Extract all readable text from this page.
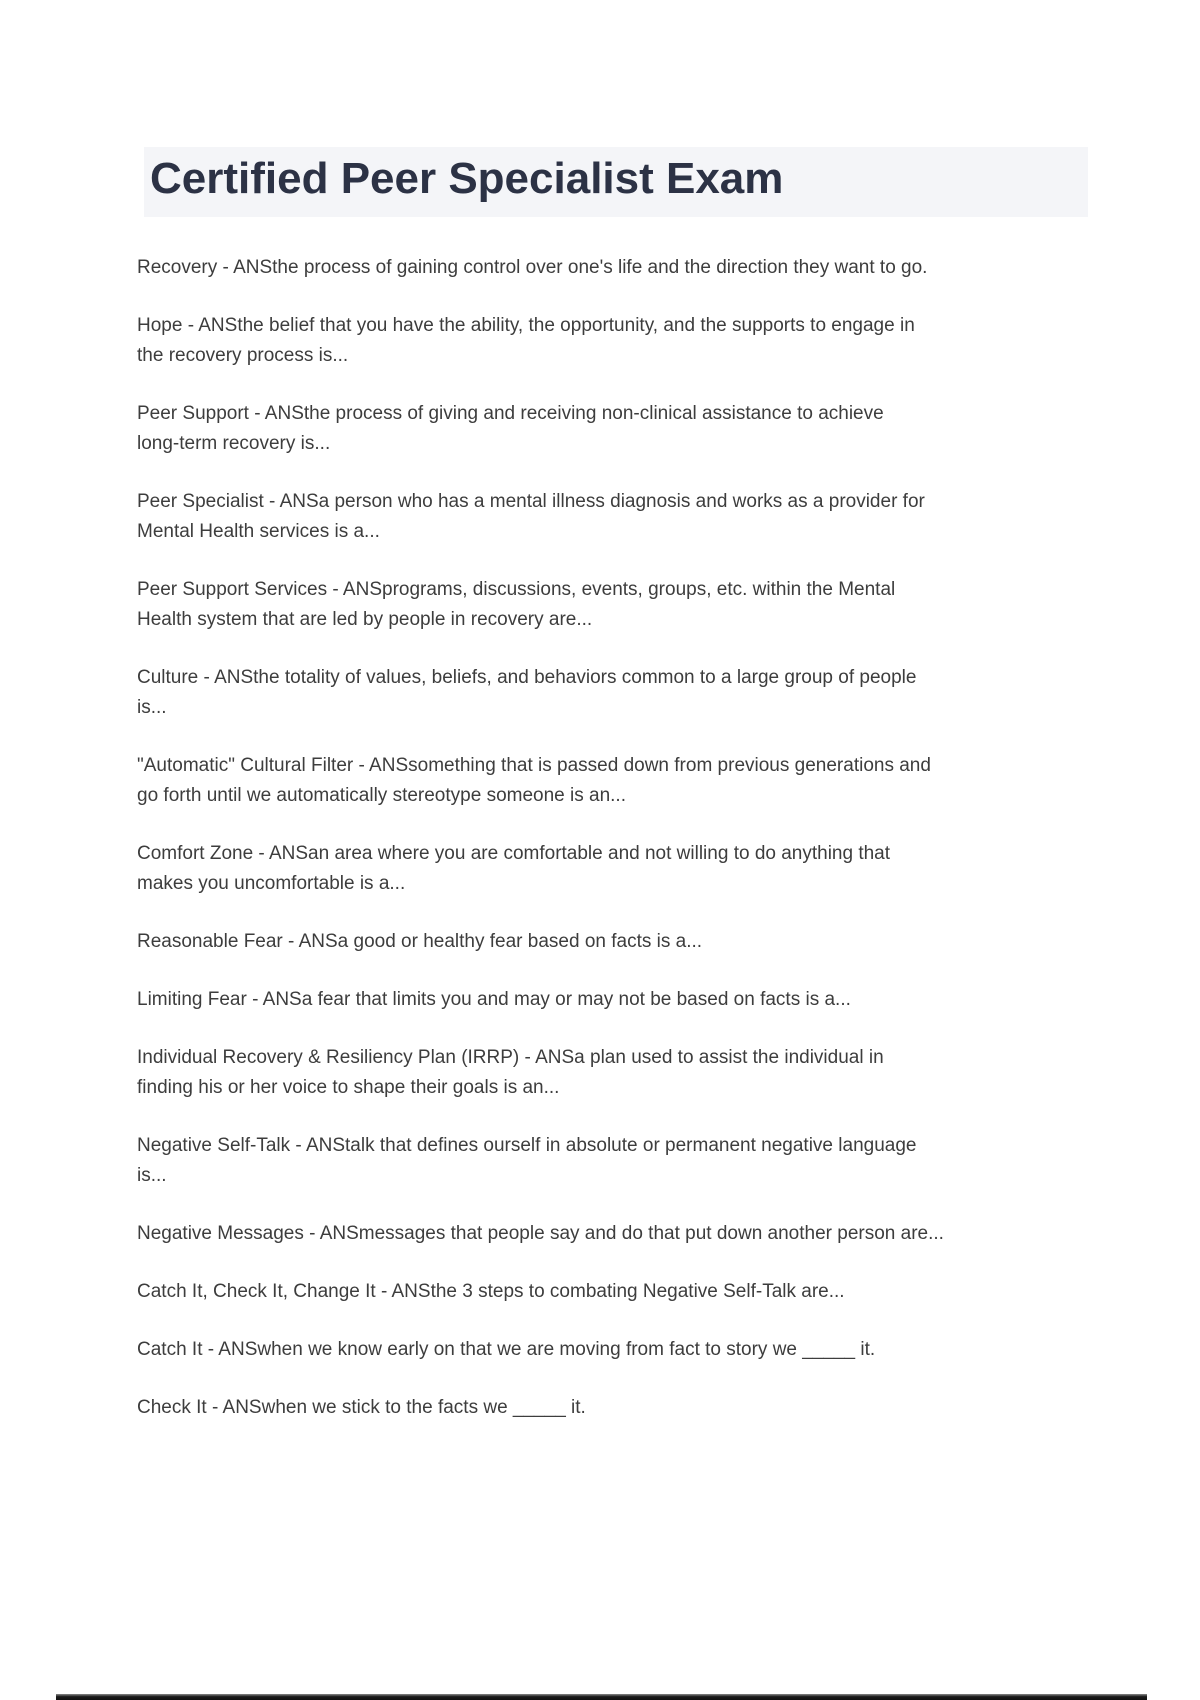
Certified Peer Specialist Exam
Recovery - ANSthe process of gaining control over one's life and the direction they want to go.
Hope - ANSthe belief that you have the ability, the opportunity, and the supports to engage in
the recovery process is...
Peer Support - ANSthe process of giving and receiving non-clinical assistance to achieve
long-term recovery is...
Peer Specialist - ANSa person who has a mental illness diagnosis and works as a provider for
Mental Health services is a...
Peer Support Services - ANSprograms, discussions, events, groups, etc. within the Mental
Health system that are led by people in recovery are...
Culture - ANSthe totality of values, beliefs, and behaviors common to a large group of people
is...
"Automatic" Cultural Filter - ANSsomething that is passed down from previous generations and
go forth until we automatically stereotype someone is an...
Comfort Zone - ANSan area where you are comfortable and not willing to do anything that
makes you uncomfortable is a...
Reasonable Fear - ANSa good or healthy fear based on facts is a...
Limiting Fear - ANSa fear that limits you and may or may not be based on facts is a...
Individual Recovery & Resiliency Plan (IRRP) - ANSa plan used to assist the individual in
finding his or her voice to shape their goals is an...
Negative Self-Talk - ANStalk that defines ourself in absolute or permanent negative language
is...
Negative Messages - ANSmessages that people say and do that put down another person are...
Catch It, Check It, Change It - ANSthe 3 steps to combating Negative Self-Talk are...
Catch It - ANSwhen we know early on that we are moving from fact to story we _____ it.
Check It - ANSwhen we stick to the facts we _____ it.
